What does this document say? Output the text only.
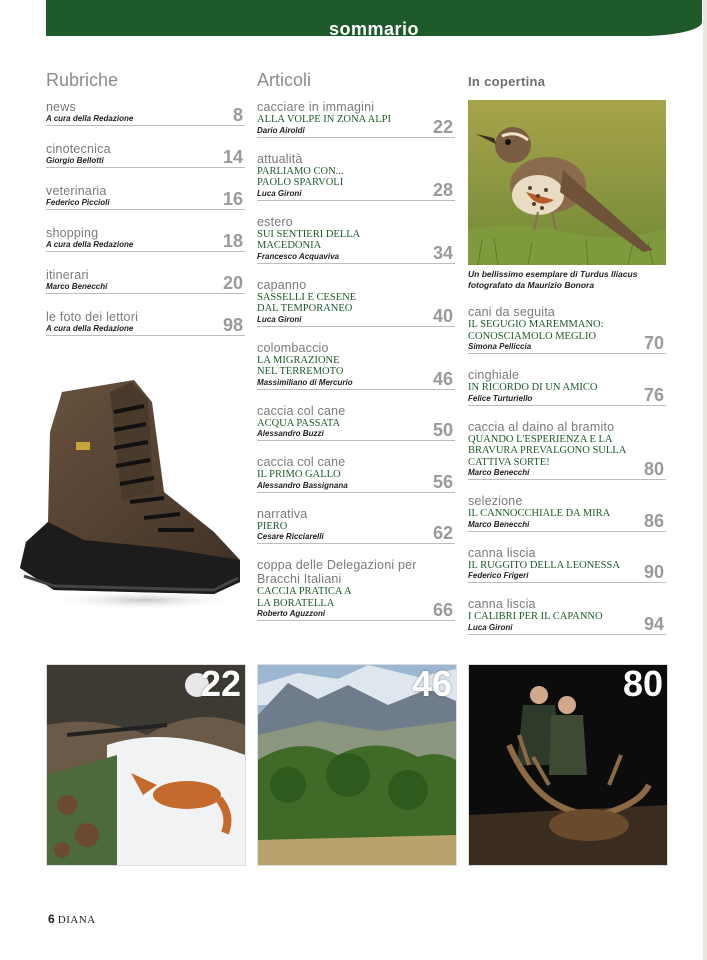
sommario
Rubriche
news
A cura della Redazione	8
cinotecnica
Giorgio Bellotti	14
veterinaria
Federico Piccioli	16
shopping
A cura della Redazione	18
itinerari
Marco Benecchi	20
le foto dei lettori
A cura della Redazione	98
Articoli
cacciare in immagini
ALLA VOLPE IN ZONA ALPI
Dario Airoldi	22
attualità
PARLIAMO CON... PAOLO SPARVOLI
Luca Gironi	28
estero
SUI SENTIERI DELLA MACEDONIA
Francesco Acquaviva	34
capanno
SASSELLI E CESENE DAL TEMPORANEO
Luca Gironi	40
colombaccio
LA MIGRAZIONE NEL TERREMOTO
Massimiliano di Mercurio	46
caccia col cane
ACQUA PASSATA
Alessandro Buzzi	50
caccia col cane
IL PRIMO GALLO
Alessandro Bassignana	56
narrativa
PIERO
Cesare Ricciarelli	62
coppa delle Delegazioni per Bracchi Italiani
CACCIA PRATICA A LA BORATELLA
Roberto Aguzzoni	66
In copertina
Un bellissimo esemplare di Turdus Iliacus fotografato da Maurizio Bonora
cani da seguita
IL SEGUGIO MAREMMANO: CONOSCIAMOLO MEGLIO
Simona Pelliccia	70
cinghiale
IN RICORDO DI UN AMICO
Felice Turturiello	76
caccia al daino al bramito
QUANDO L'ESPERIENZA E LA BRAVURA PREVALGONO SULLA CATTIVA SORTE!
Marco Benecchi	80
selezione
IL CANNOCCHIALE DA MIRA
Marco Benecchi	86
canna liscia
IL RUGGITO DELLA LEONESSA
Federico Frigeri	90
canna liscia
I CALIBRI PER IL CAPANNO
Luca Gironi	94
22	46	80
6 DIANA
